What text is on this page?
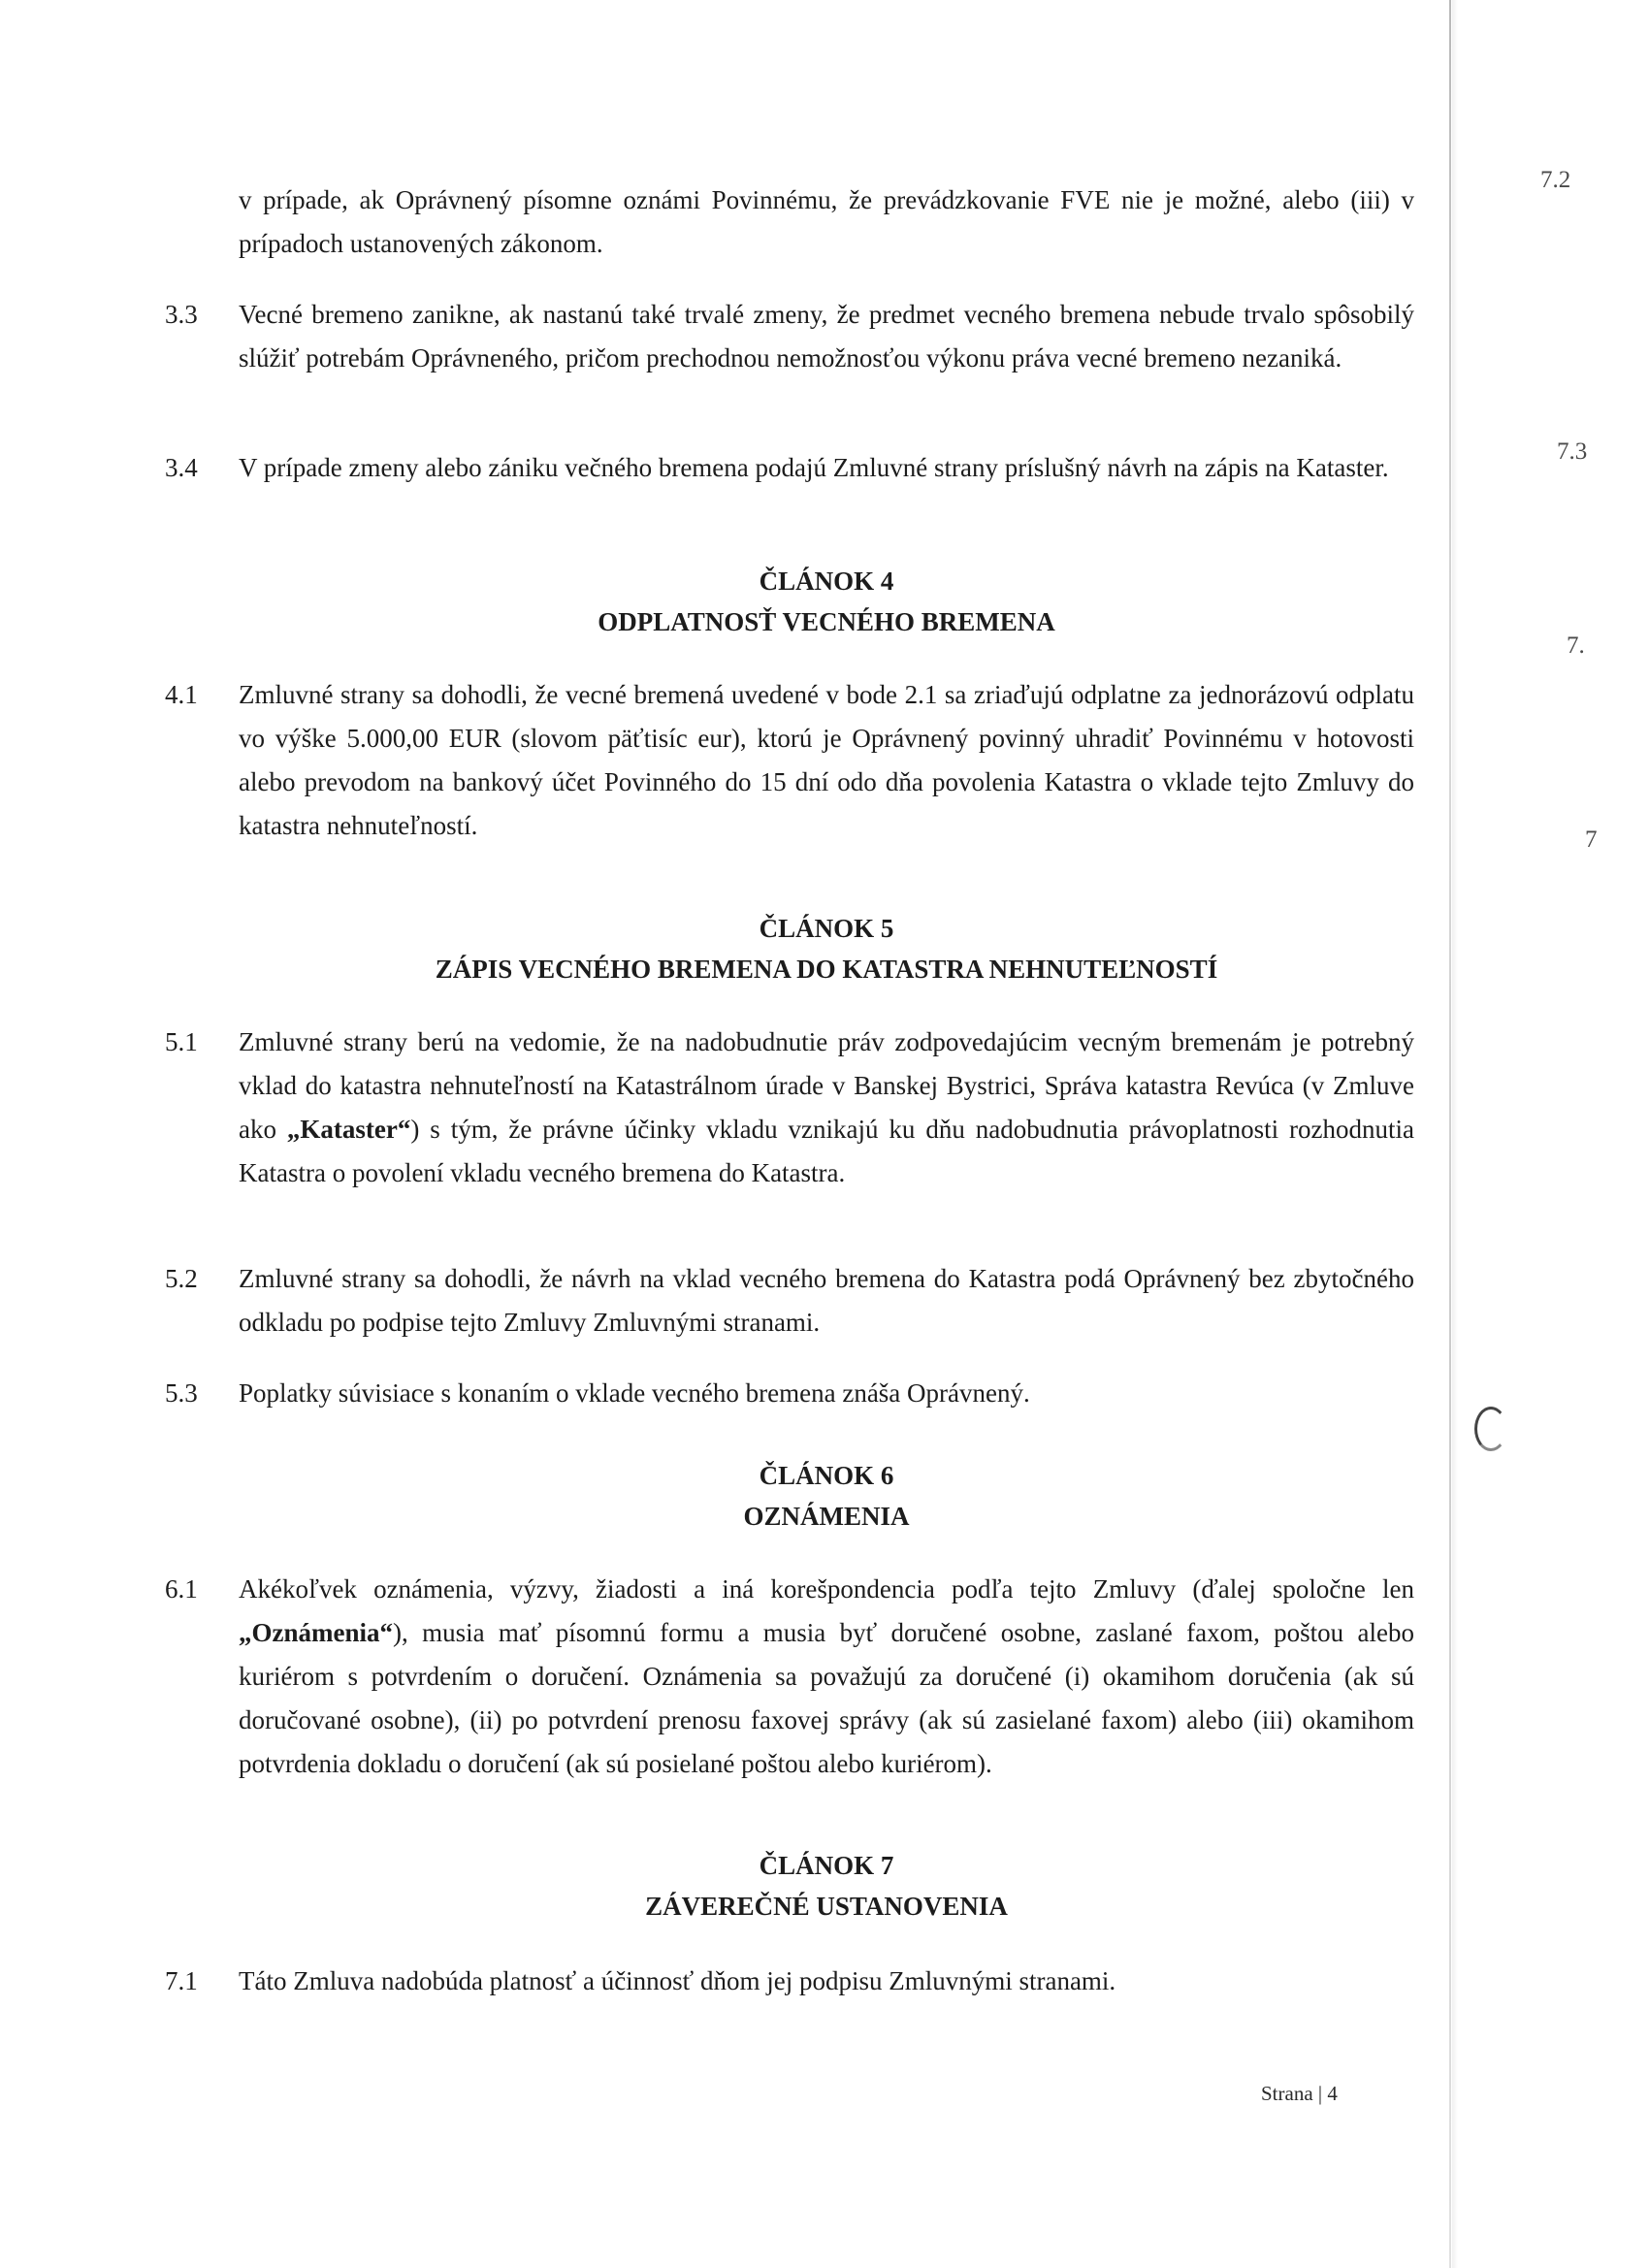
7.2
7.3
7.
7

v prípade, ak Oprávnený písomne oznámi Povinnému, že prevádzkovanie FVE nie je možné, alebo (iii) v prípadoch ustanovených zákonom.

3.3 Vecné bremeno zanikne, ak nastanú také trvalé zmeny, že predmet vecného bremena nebude trvalo spôsobilý slúžiť potrebám Oprávneného, pričom prechodnou nemožnosťou výkonu práva vecné bremeno nezaniká.

3.4 V prípade zmeny alebo zániku večného bremena podajú Zmluvné strany príslušný návrh na zápis na Kataster.

ČLÁNOK 4
ODPLATNOSŤ VECNÉHO BREMENA
4.1 Zmluvné strany sa dohodli, že vecné bremená uvedené v bode 2.1 sa zriaďujú odplatne za jednorázovú odplatu vo výške 5.000,00 EUR (slovom päťtisíc eur), ktorú je Oprávnený povinný uhradiť Povinnému v hotovosti alebo prevodom na bankový účet Povinného do 15 dní odo dňa povolenia Katastra o vklade tejto Zmluvy do katastra nehnuteľností.

ČLÁNOK 5
ZÁPIS VECNÉHO BREMENA DO KATASTRA NEHNUTEĽNOSTÍ
5.1 Zmluvné strany berú na vedomie, že na nadobudnutie práv zodpovedajúcim vecným bremenám je potrebný vklad do katastra nehnuteľností na Katastrálnom úrade v Banskej Bystrici, Správa katastra Revúca (v Zmluve ako „Kataster“) s tým, že právne účinky vkladu vznikajú ku dňu nadobudnutia právoplatnosti rozhodnutia Katastra o povolení vkladu vecného bremena do Katastra.

5.2 Zmluvné strany sa dohodli, že návrh na vklad vecného bremena do Katastra podá Oprávnený bez zbytočného odkladu po podpise tejto Zmluvy Zmluvnými stranami.

5.3 Poplatky súvisiace s konaním o vklade vecného bremena znáša Oprávnený.

ČLÁNOK 6
OZNÁMENIA
6.1 Akékoľvek oznámenia, výzvy, žiadosti a iná korešpondencia podľa tejto Zmluvy (ďalej spoločne len „Oznámenia“), musia mať písomnú formu a musia byť doručené osobne, zaslané faxom, poštou alebo kuriérom s potvrdením o doručení. Oznámenia sa považujú za doručené (i) okamihom doručenia (ak sú doručované osobne), (ii) po potvrdení prenosu faxovej správy (ak sú zasielané faxom) alebo (iii) okamihom potvrdenia dokladu o doručení (ak sú posielané poštou alebo kuriérom).

ČLÁNOK 7
ZÁVEREČNÉ USTANOVENIA
7.1 Táto Zmluva nadobúda platnosť a účinnosť dňom jej podpisu Zmluvnými stranami.

Strana | 4
